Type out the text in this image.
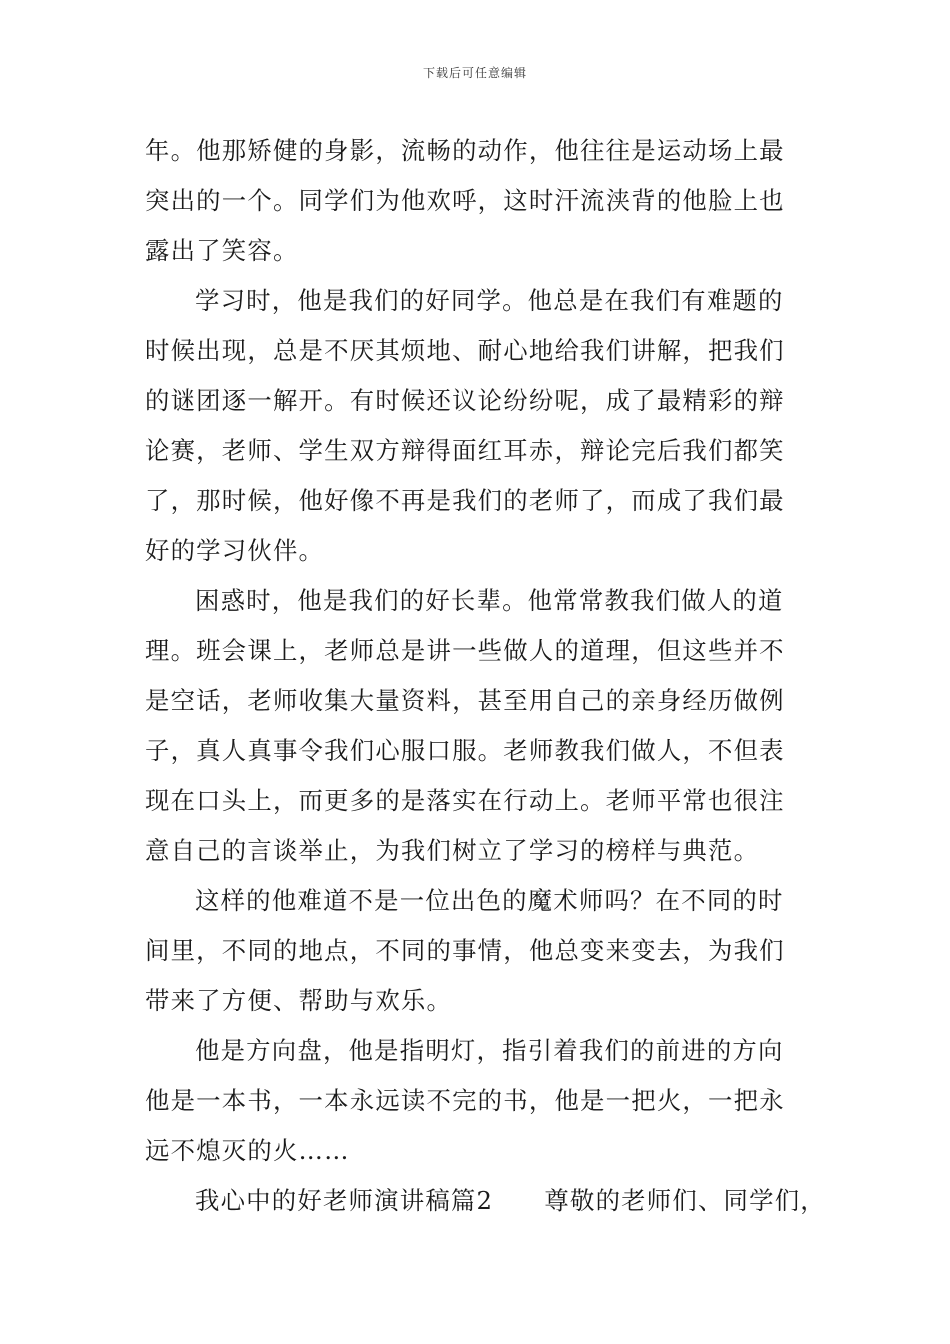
下载后可任意编辑
年。他那矫健的身影，流畅的动作，他往往是运动场上最
突出的一个。同学们为他欢呼，这时汗流浃背的他脸上也
露出了笑容。
学习时，他是我们的好同学。他总是在我们有难题的
时候出现，总是不厌其烦地、耐心地给我们讲解，把我们
的谜团逐一解开。有时候还议论纷纷呢，成了最精彩的辩
论赛，老师、学生双方辩得面红耳赤，辩论完后我们都笑
了，那时候，他好像不再是我们的老师了，而成了我们最
好的学习伙伴。
困惑时，他是我们的好长辈。他常常教我们做人的道
理。班会课上，老师总是讲一些做人的道理，但这些并不
是空话，老师收集大量资料，甚至用自己的亲身经历做例
子，真人真事令我们心服口服。老师教我们做人，不但表
现在口头上，而更多的是落实在行动上。老师平常也很注
意自己的言谈举止，为我们树立了学习的榜样与典范。
这样的他难道不是一位出色的魔术师吗？在不同的时
间里，不同的地点，不同的事情，他总变来变去，为我们
带来了方便、帮助与欢乐。
他是方向盘，他是指明灯，指引着我们的前进的方向
他是一本书，一本永远读不完的书，他是一把火，一把永
远不熄灭的火……
我心中的好老师演讲稿篇2　　尊敬的老师们、同学们，
